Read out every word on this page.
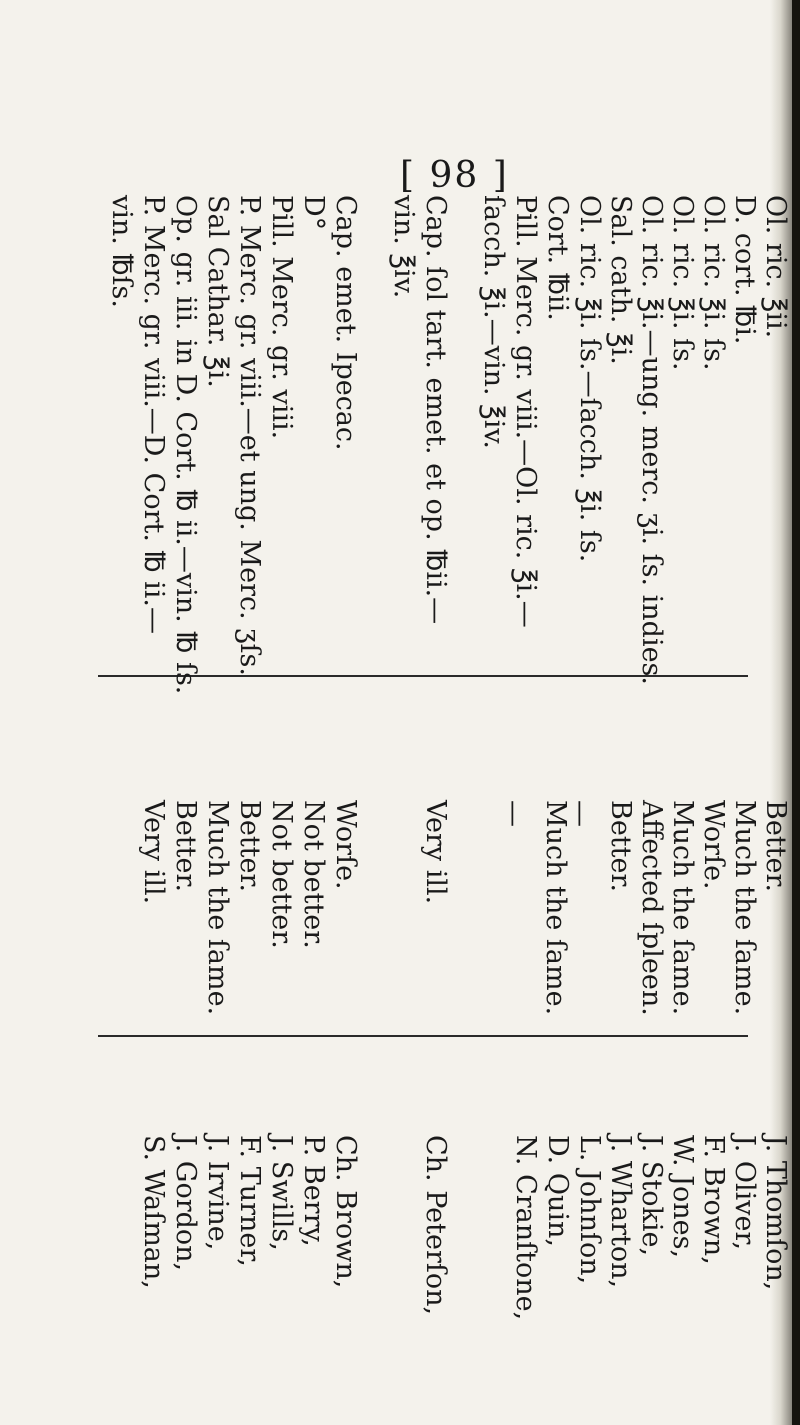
[ 98 ]
Ol. ric. ℥ii.
D. cort. ℔i.
Ol. ric. ℥i. ſs.
Ol. ric. ℥i. ſs.
Ol. ric. ℥i.—ung. merc. ʒi. ſs. indies.
Sal. cath. ℥i.
Ol. ric. ℥i. ſs.—ſacch. ℥i. ſs.
Cort. ℔ii.
Pill. Merc. gr. viii.—Ol. ric. ℥i.—
ſacch. ℥i.—vin. ℥iv.
Cap. ſol tart. emet. et op. ℔ii.—
vin. ℥iv.
Cap. emet. Ipecac.
D°
Pill. Merc. gr. viii.
P. Merc. gr. viii.—et ung. Merc. ʒſs.
Sal Cathar. ℥i.
Op. gr. iii. in D. Cort. ℔ ii.—vin. ℔ ſs.
P. Merc. gr. viii.—D. Cort. ℔ ii.—
vin. ℔ſs.
Better.
Much the ſame.
Worſe.
Much the ſame.
Affected ſpleen.
Better.
—
Much the ſame.
—
Very ill.
Worſe.
Not better.
Not better.
Better.
Much the ſame.
Better.
Very ill.
J. Thomſon,
J. Oliver,
F. Brown,
W. Jones,
J. Stokie,
J. Wharton,
L. Johnſon,
D. Quin,
N. Cranſtone,
Ch. Peterſon,
Ch. Brown,
P. Berry,
J. Swills,
F. Turner,
J. Irvine,
J. Gordon,
S. Waſman,
